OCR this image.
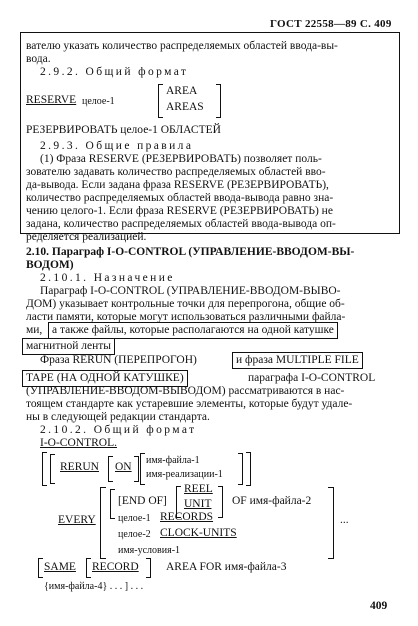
ГОСТ 22558—89 С. 409
вателю указать количество распределяемых областей ввода-вы-
вода.
2.9.2. Общий формат
RESERVE целое-1
AREA
AREAS
РЕЗЕРВИРОВАТЬ целое-1 ОБЛАСТЕЙ
2.9.3. Общие правила
(1) Фраза RESERVE (РЕЗЕРВИРОВАТЬ) позволяет поль-
зователю задавать количество распределяемых областей вво-
да-вывода. Если задана фраза RESERVE (РЕЗЕРВИРОВАТЬ),
количество распределяемых областей ввода-вывода равно зна-
чению целого-1. Если фраза RESERVE (РЕЗЕРВИРОВАТЬ) не
задана, количество распределяемых областей ввода-вывода оп-
ределяется реализацией.
2.10. Параграф I-O-CONTROL (УПРАВЛЕНИЕ-ВВОДОМ-ВЫ-
ВОДОМ)
2.10.1. Назначение
Параграф I-O-CONTROL (УПРАВЛЕНИЕ-ВВОДОМ-ВЫВО-
ДОМ) указывает контрольные точки для перепрогона, общие об-
ласти памяти, которые могут использоваться различными файла-
ми, а также файлы, которые располагаются на одной катушке
магнитной ленты
Фраза RERUN (ПЕРЕПРОГОН)	и фраза MULTIPLE FILE
TAPE (НА ОДНОЙ КАТУШКЕ)	параграфа I-O-CONTROL
(УПРАВЛЕНИЕ-ВВОДОМ-ВЫВОДОМ) рассматриваются в нас-
тоящем стандарте как устаревшие элементы, которые будут удале-
ны в следующей редакции стандарта.
2.10.2. Общий формат
I-O-CONTROL.
RERUN ON
имя-файла-1
имя-реализации-1
EVERY
[END OF]
REEL
UNIT OF имя-файла-2
целое-1 RECORDS
целое-2 CLOCK-UNITS
имя-условия-1
...
SAME RECORD AREA FOR имя-файла-3
{имя-файла-4} . . . ] . . .
409
